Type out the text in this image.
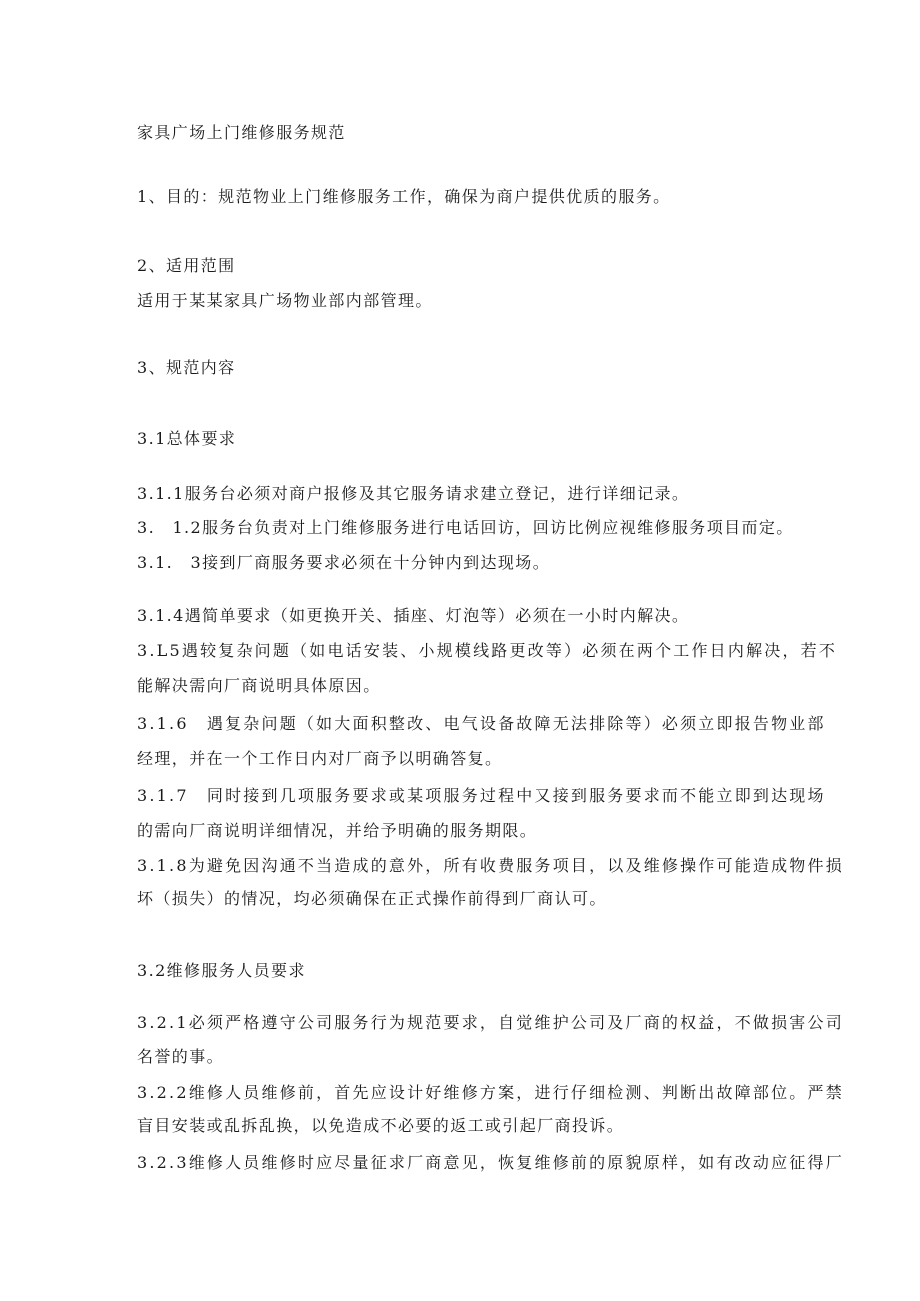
家具广场上门维修服务规范

1、目的：规范物业上门维修服务工作，确保为商户提供优质的服务。

2、适用范围

适用于某某家具广场物业部内部管理。

3、规范内容

3.1总体要求

3.1.1服务台必须对商户报修及其它服务请求建立登记，进行详细记录。

3.　1.2服务台负责对上门维修服务进行电话回访，回访比例应视维修服务项目而定。

3.1.　3接到厂商服务要求必须在十分钟内到达现场。

3.1.4遇简单要求（如更换开关、插座、灯泡等）必须在一小时内解决。

3.L5遇较复杂问题（如电话安装、小规模线路更改等）必须在两个工作日内解决，若不

能解决需向厂商说明具体原因。

3.1.6　遇复杂问题（如大面积整改、电气设备故障无法排除等）必须立即报告物业部

经理，并在一个工作日内对厂商予以明确答复。

3.1.7　同时接到几项服务要求或某项服务过程中又接到服务要求而不能立即到达现场

的需向厂商说明详细情况，并给予明确的服务期限。

3.1.8为避免因沟通不当造成的意外，所有收费服务项目，以及维修操作可能造成物件损

坏（损失）的情况，均必须确保在正式操作前得到厂商认可。

3.2维修服务人员要求

3.2.1必须严格遵守公司服务行为规范要求，自觉维护公司及厂商的权益，不做损害公司

名誉的事。

3.2.2维修人员维修前，首先应设计好维修方案，进行仔细检测、判断出故障部位。严禁

盲目安装或乱拆乱换，以免造成不必要的返工或引起厂商投诉。

3.2.3维修人员维修时应尽量征求厂商意见，恢复维修前的原貌原样，如有改动应征得厂
